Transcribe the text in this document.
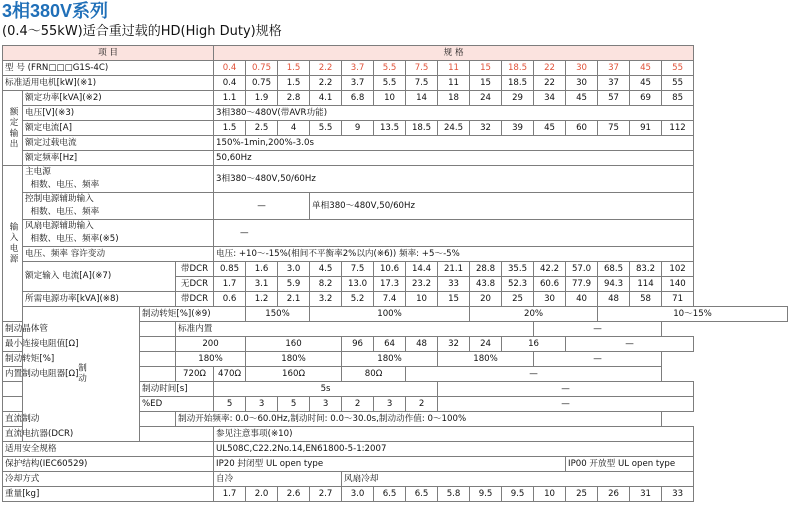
3相380V系列
(0.4～55kW)适合重过载的HD(High Duty)规格
项 目				规 格														
型 号 (FRN□□□G1S-4C)				0.4	0.75	1.5	2.2	3.7	5.5	7.5	11	15	18.5	22	30	37	45	55
标准适用电机[kW](※1)				0.4	0.75	1.5	2.2	3.7	5.5	7.5	11	15	18.5	22	30	37	45	55
额定输出	额定功率[kVA](※2)			1.1	1.9	2.8	4.1	6.8	10	14	18	24	29	34	45	57	69	85
	电压[V](※3)			3相380～480V(带AVR功能)														
	额定电流[A]			1.5	2.5	4	5.5	9	13.5	18.5	24.5	32	39	45	60	75	91	112
	额定过载电流			150%-1min,200%-3.0s														
	额定频率[Hz]			50,60Hz														
输入电源	主电源
相数、电压、频率			3相380～480V,50/60Hz														
	控制电源辅助输入
相数、电压、频率			—			单相380～480V,50/60Hz											
	风扇电源辅助输入
相数、电压、频率(※5)			—														
	电压、频率 容许变动			电压: +10～-15%(相间不平衡率2%以内(※6)) 频率: +5～-5%														
	额定输入 电流[A](※7)		带DCR	0.85	1.6	3.0	4.5	7.5	10.6	14.4	21.1	28.8	35.5	42.2	57.0	68.5	83.2	102
			无DCR	1.7	3.1	5.9	8.2	13.0	17.3	23.2	33	43.8	52.3	60.6	77.9	94.3	114	140
	所需电源功率[kVA](※8)		带DCR	0.6	1.2	2.1	3.2	5.2	7.4	10	15	20	25	30	40	48	58	71
	制动	制动转矩[%](※9)			150%		100%					20%				10～15%		
制动晶体管			标准内置											—				
最小连接电阻值[Ω]			200		160			96	64	48	32	24	16		—			
制动转矩[%]			180%		180%			180%			180%			—				
内置制动电阻器[Ω]			720Ω	470Ω	160Ω			80Ω		—								
		制动时间[s]		5s							—							
		%ED		5	3	5	3	2	3	2	—							
直流制动			制动开始频率: 0.0～60.0Hz,制动时间: 0.0～30.0s,制动动作值: 0～100%															
直流电抗器(DCR)				参见注意事项(※10)														
适用安全规格				UL508C,C22.2No.14,EN61800-5-1:2007														
保护结构(IEC60529)				IP20 封闭型 UL open type											IP00 开放型 UL open type			
冷却方式				自冷				风扇冷却										
重量[kg]				1.7	2.0	2.6	2.7	3.0	6.5	6.5	5.8	9.5	9.5	10	25	26	31	33
